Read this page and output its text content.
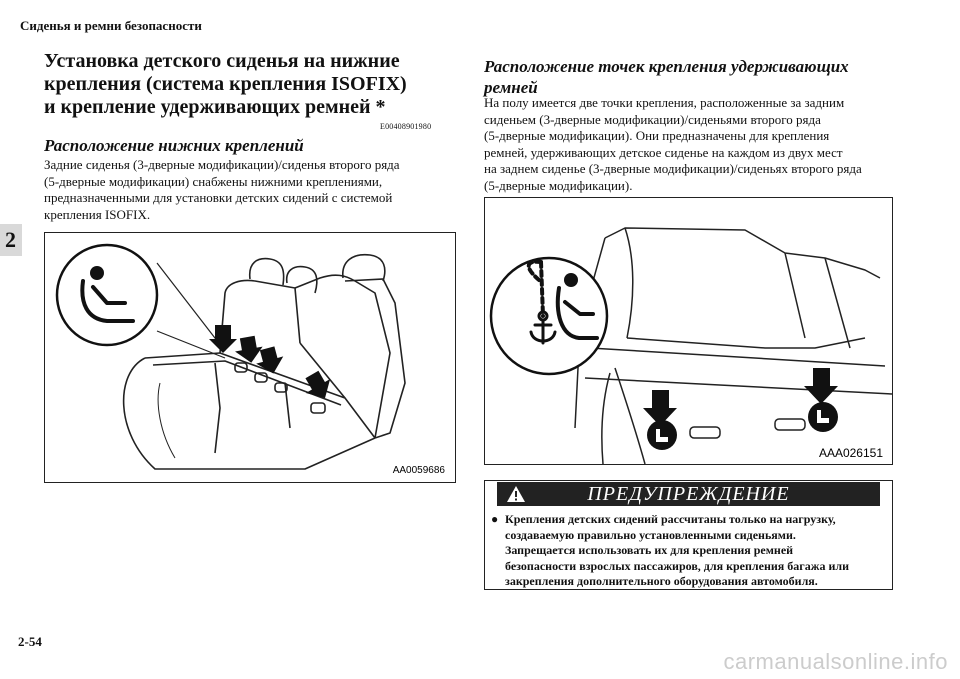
Сиденья и ремни безопасности
2
Установка детского сиденья на нижние
крепления (система крепления ISOFIX)
и крепление удерживающих ремней *
E00408901980
Расположение нижних креплений
Задние сиденья (3-дверные модификации)/сиденья второго ряда
(5-дверные модификации) снабжены нижними креплениями,
предназначенными для установки детских сидений с системой
крепления ISOFIX.
AA0059686
Расположение точек крепления удерживающих
ремней
На полу имеется две точки крепления, расположенные за задним
сиденьем (3-дверные модификации)/сиденьями второго ряда
(5-дверные модификации). Они предназначены для крепления
ремней, удерживающих детское сиденье на каждом из двух мест
на заднем сиденье (3-дверные модификации)/сиденьях второго ряда
(5-дверные модификации).
AAA026151
ПРЕДУПРЕЖДЕНИЕ
● Крепления детских сидений рассчитаны только на нагрузку,
создаваемую правильно установленными сиденьями.
Запрещается использовать их для крепления ремней
безопасности взрослых пассажиров, для крепления багажа или
закрепления дополнительного оборудования автомобиля.
2-54
carmanualsonline.info
